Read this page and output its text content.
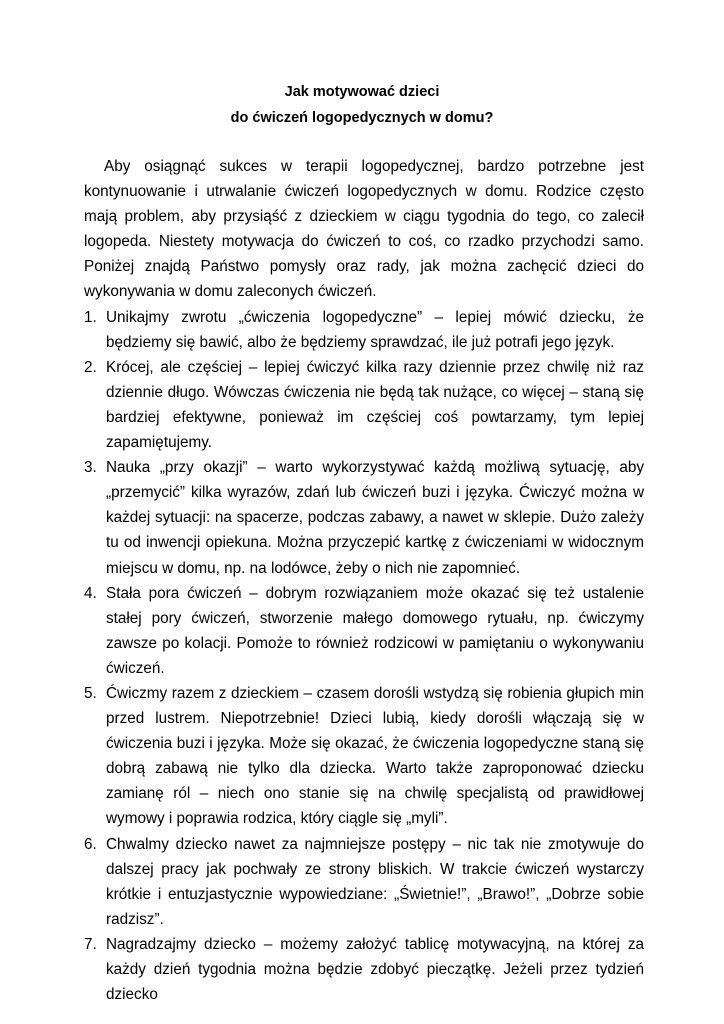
Jak motywować dzieci
do ćwiczeń logopedycznych w domu?

Aby osiągnąć sukces w terapii logopedycznej, bardzo potrzebne jest kontynuowanie i utrwalanie ćwiczeń logopedycznych w domu. Rodzice często mają problem, aby przysiąść z dzieckiem w ciągu tygodnia do tego, co zalecił logopeda. Niestety motywacja do ćwiczeń to coś, co rzadko przychodzi samo. Poniżej znajdą Państwo pomysły oraz rady, jak można zachęcić dzieci do wykonywania w domu zaleconych ćwiczeń.

1. Unikajmy zwrotu „ćwiczenia logopedyczne” – lepiej mówić dziecku, że będziemy się bawić, albo że będziemy sprawdzać, ile już potrafi jego język.
2. Krócej, ale częściej – lepiej ćwiczyć kilka razy dziennie przez chwilę niż raz dziennie długo. Wówczas ćwiczenia nie będą tak nużące, co więcej – staną się bardziej efektywne, ponieważ im częściej coś powtarzamy, tym lepiej zapamiętujemy.
3. Nauka „przy okazji” – warto wykorzystywać każdą możliwą sytuację, aby „przemycić” kilka wyrazów, zdań lub ćwiczeń buzi i języka. Ćwiczyć można w każdej sytuacji: na spacerze, podczas zabawy, a nawet w sklepie. Dużo zależy tu od inwencji opiekuna. Można przyczepić kartkę z ćwiczeniami w widocznym miejscu w domu, np. na lodówce, żeby o nich nie zapomnieć.
4. Stała pora ćwiczeń – dobrym rozwiązaniem może okazać się też ustalenie stałej pory ćwiczeń, stworzenie małego domowego rytuału, np. ćwiczymy zawsze po kolacji. Pomoże to również rodzicowi w pamiętaniu o wykonywaniu ćwiczeń.
5. Ćwiczmy razem z dzieckiem – czasem dorośli wstydzą się robienia głupich min przed lustrem. Niepotrzebnie! Dzieci lubią, kiedy dorośli włączają się w ćwiczenia buzi i języka. Może się okazać, że ćwiczenia logopedyczne staną się dobrą zabawą nie tylko dla dziecka. Warto także zaproponować dziecku zamianę ról – niech ono stanie się na chwilę specjalistą od prawidłowej wymowy i poprawia rodzica, który ciągle się „myli”.
6. Chwalmy dziecko nawet za najmniejsze postępy – nic tak nie zmotywuje do dalszej pracy jak pochwały ze strony bliskich. W trakcie ćwiczeń wystarczy krótkie i entuzjastycznie wypowiedziane: „Świetnie!”, „Brawo!”, „Dobrze sobie radzisz”.
7. Nagradzajmy dziecko – możemy założyć tablicę motywacyjną, na której za każdy dzień tygodnia można będzie zdobyć pieczątkę. Jeżeli przez tydzień dziecko
